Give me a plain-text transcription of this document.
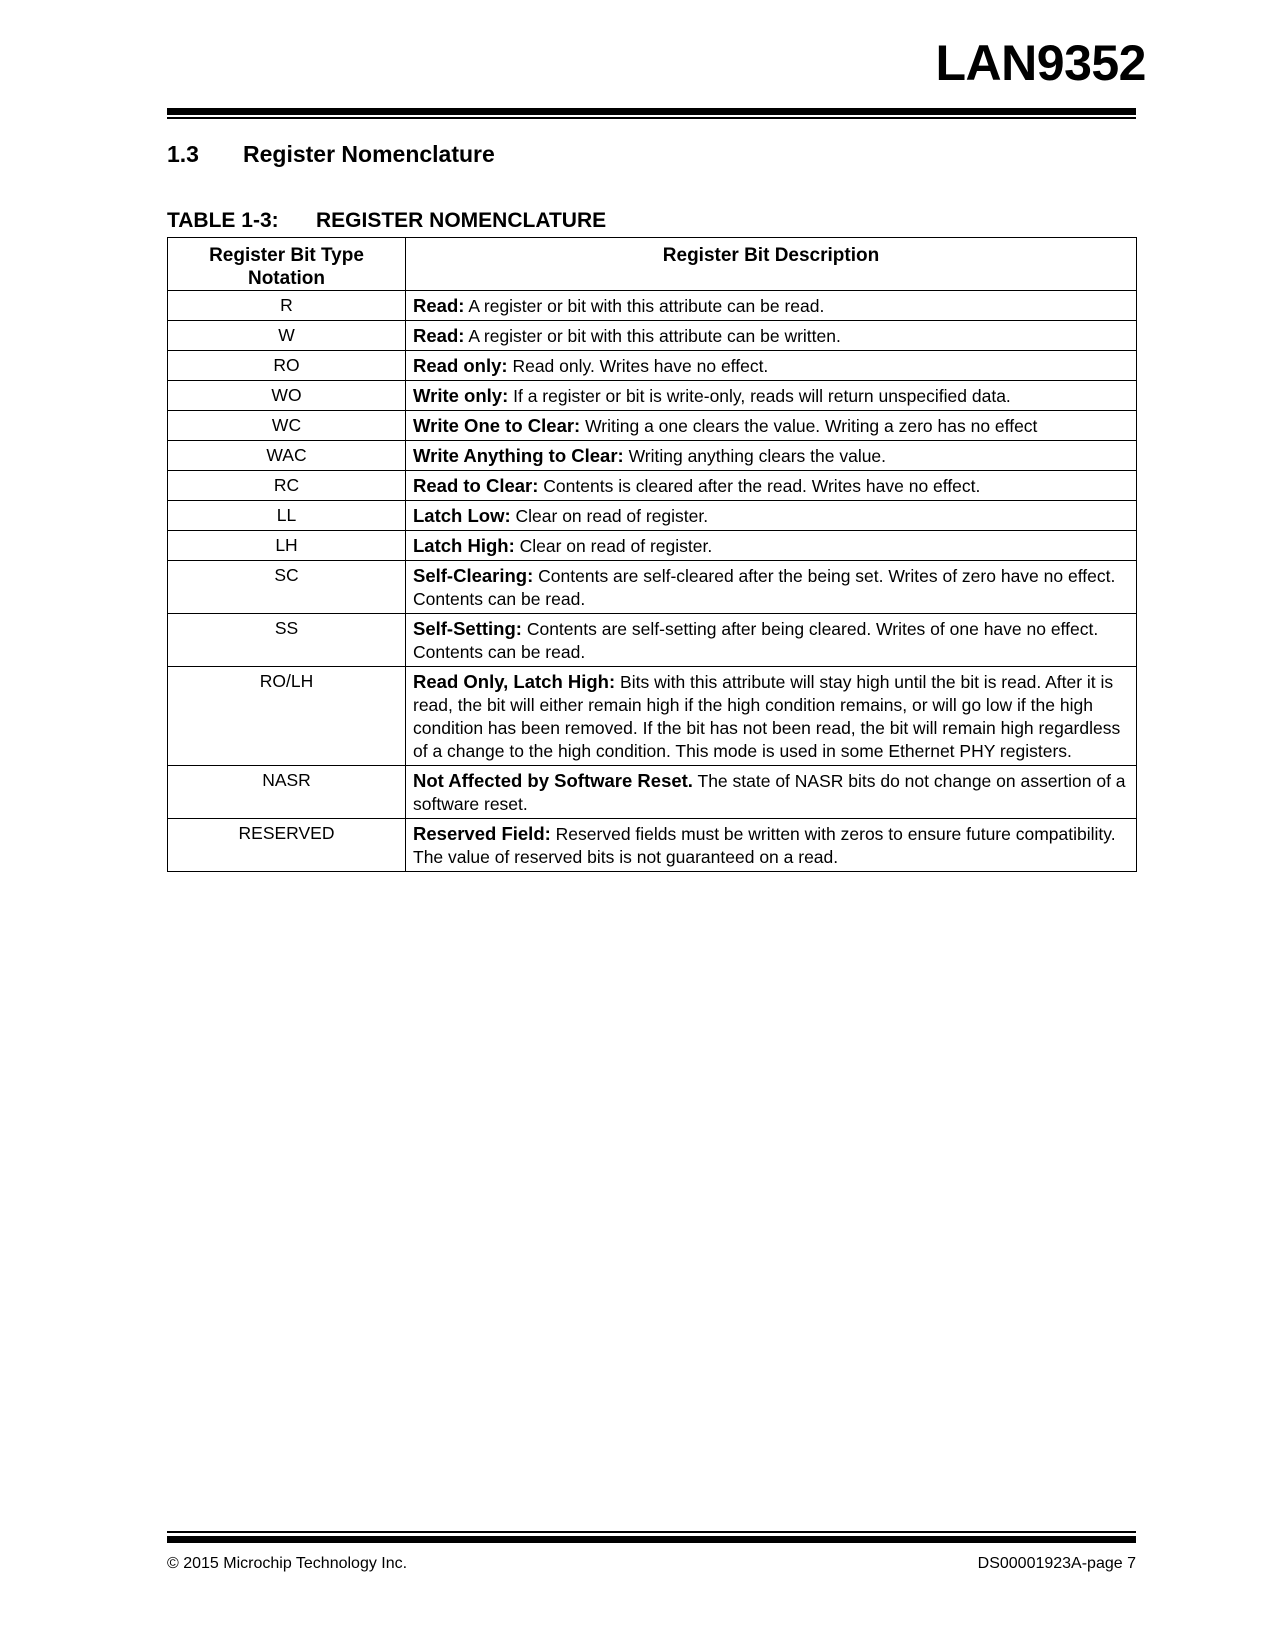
LAN9352
1.3 Register Nomenclature
TABLE 1-3: REGISTER NOMENCLATURE
Register Bit Type Notation	Register Bit Description
R	Read: A register or bit with this attribute can be read.
W	Read: A register or bit with this attribute can be written.
RO	Read only: Read only. Writes have no effect.
WO	Write only: If a register or bit is write-only, reads will return unspecified data.
WC	Write One to Clear: Writing a one clears the value. Writing a zero has no effect
WAC	Write Anything to Clear: Writing anything clears the value.
RC	Read to Clear: Contents is cleared after the read. Writes have no effect.
LL	Latch Low: Clear on read of register.
LH	Latch High: Clear on read of register.
SC	Self-Clearing: Contents are self-cleared after the being set. Writes of zero have no effect. Contents can be read.
SS	Self-Setting: Contents are self-setting after being cleared. Writes of one have no effect. Contents can be read.
RO/LH	Read Only, Latch High: Bits with this attribute will stay high until the bit is read. After it is read, the bit will either remain high if the high condition remains, or will go low if the high condition has been removed. If the bit has not been read, the bit will remain high regardless of a change to the high condition. This mode is used in some Ethernet PHY registers.
NASR	Not Affected by Software Reset. The state of NASR bits do not change on assertion of a software reset.
RESERVED	Reserved Field: Reserved fields must be written with zeros to ensure future compatibility. The value of reserved bits is not guaranteed on a read.
© 2015 Microchip Technology Inc.	DS00001923A-page 7
